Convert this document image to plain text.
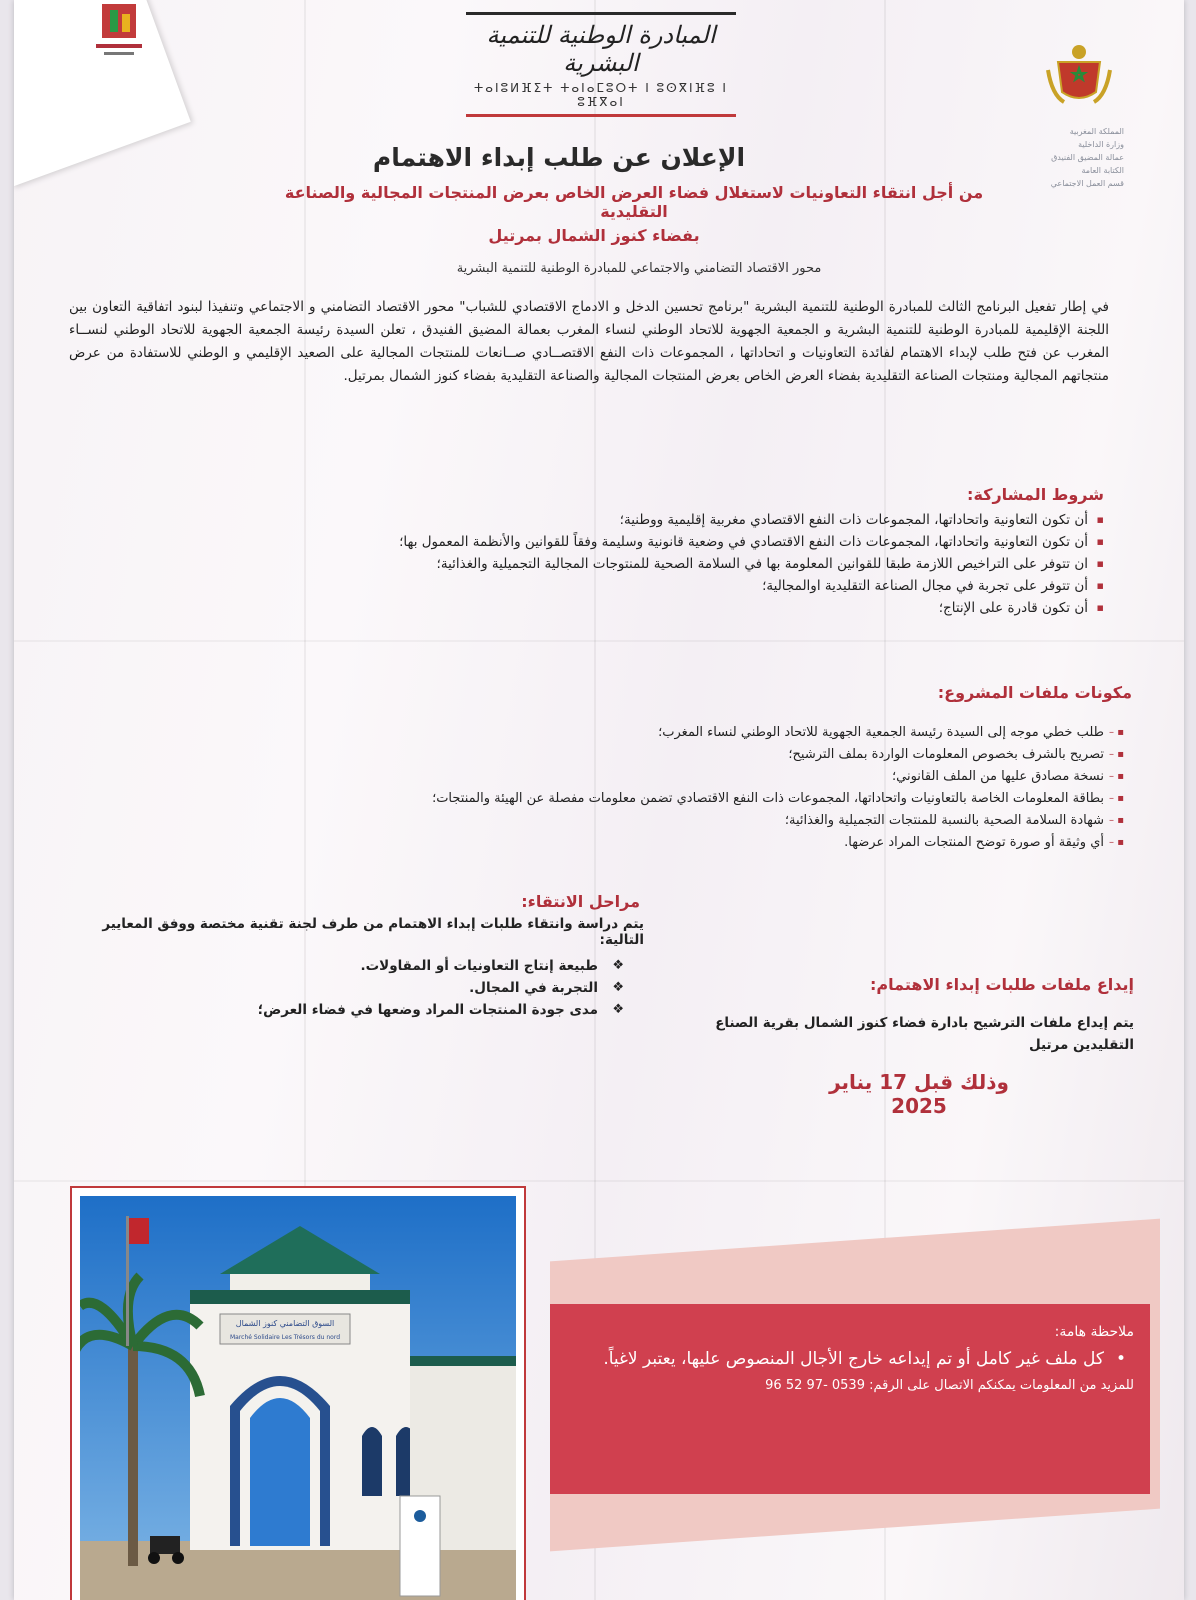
المبادرة الوطنية للتنمية البشرية
ⵜⴰⵏⵓⵍⴼⵉⵜ ⵜⴰⵏⴰⵎⵓⵔⵜ ⵏ ⵓⵙⴳⵏⴼⵓ ⵏ ⵓⴼⴳⴰⵏ
المملكة المغربية
وزارة الداخلية
عمالة المضيق الفنيدق
الكتابة العامة
قسم العمل الاجتماعي
الإعلان عن طلب إبداء الاهتمام
من أجل انتقاء التعاونيات لاستغلال فضاء العرض الخاص بعرض المنتجات المجالية والصناعة التقليدية
بفضاء كنوز الشمال بمرتيل
محور الاقتصاد التضامني والاجتماعي للمبادرة الوطنية للتنمية البشرية
في إطار تفعيل البرنامج الثالث للمبادرة الوطنية للتنمية البشرية "برنامج تحسين الدخل و الادماج الاقتصادي للشباب" محور الاقتصاد التضامني و الاجتماعي وتنفيذا لبنود اتفاقية التعاون بين اللجنة الإقليمية للمبادرة الوطنية للتنمية البشرية و الجمعية الجهوية للاتحاد الوطني لنساء المغرب بعمالة المضيق الفنيدق ، تعلن السيدة رئيسة الجمعية الجهوية للاتحاد الوطني لنســاء المغرب عن فتح طلب لإبداء الاهتمام لفائدة التعاونيات و اتحاداتها ، المجموعات ذات النفع الاقتصــادي صــانعات للمنتجات المجالية على الصعيد الإقليمي و الوطني للاستفادة من عرض منتجاتهم المجالية ومنتجات الصناعة التقليدية بفضاء العرض الخاص بعرض المنتجات المجالية والصناعة التقليدية بفضاء كنوز الشمال بمرتيل.
شروط المشاركة:
▪ أن تكون التعاونية واتحاداتها، المجموعات ذات النفع الاقتصادي مغربية إقليمية ووطنية؛
▪ أن تكون التعاونية واتحاداتها، المجموعات ذات النفع الاقتصادي في وضعية قانونية وسليمة وفقاً للقوانين والأنظمة المعمول بها؛
▪ ان تتوفر على التراخيص اللازمة طبقا للقوانين المعلومة بها في السلامة الصحية للمنتوجات المجالية التجميلية والغذائية؛
▪ أن تتوفر على تجربة في مجال الصناعة التقليدية اوالمجالية؛
▪ أن تكون قادرة على الإنتاج؛
مكونات ملفات المشروع:
▪ – طلب خطي موجه إلى السيدة رئيسة الجمعية الجهوية للاتحاد الوطني لنساء المغرب؛
▪ – تصريح بالشرف بخصوص المعلومات الواردة بملف الترشيح؛
▪ – نسخة مصادق عليها من الملف القانوني؛
▪ – بطاقة المعلومات الخاصة بالتعاونيات واتحاداتها، المجموعات ذات النفع الاقتصادي تضمن معلومات مفصلة عن الهيئة والمنتجات؛
▪ – شهادة السلامة الصحية بالنسبة للمنتجات التجميلية والغذائية؛
▪ – أي وثيقة أو صورة توضح المنتجات المراد عرضها.
مراحل الانتقاء:
يتم دراسة وانتقاء طلبات إبداء الاهتمام من طرف لجنة تقنية مختصة ووفق المعايير التالية:
❖ طبيعة إنتاج التعاونيات أو المقاولات.
❖ التجربة في المجال.
❖ مدى جودة المنتجات المراد وضعها في فضاء العرض؛
إيداع ملفات طلبات إبداء الاهتمام:
يتم إيداع ملفات الترشيح بادارة فضاء كنوز الشمال بقرية الصناع التقليدين مرتيل
وذلك قبل 17 يناير 2025
السوق التضامني كنوز الشمال
Marché Solidaire Les Trésors du nord	ملاحظة هامة:
• كل ملف غير كامل أو تم إيداعه خارج الأجال المنصوص عليها، يعتبر لاغياً.
للمزيد من المعلومات يمكنكم الاتصال على الرقم: 0539 -97 52 96
